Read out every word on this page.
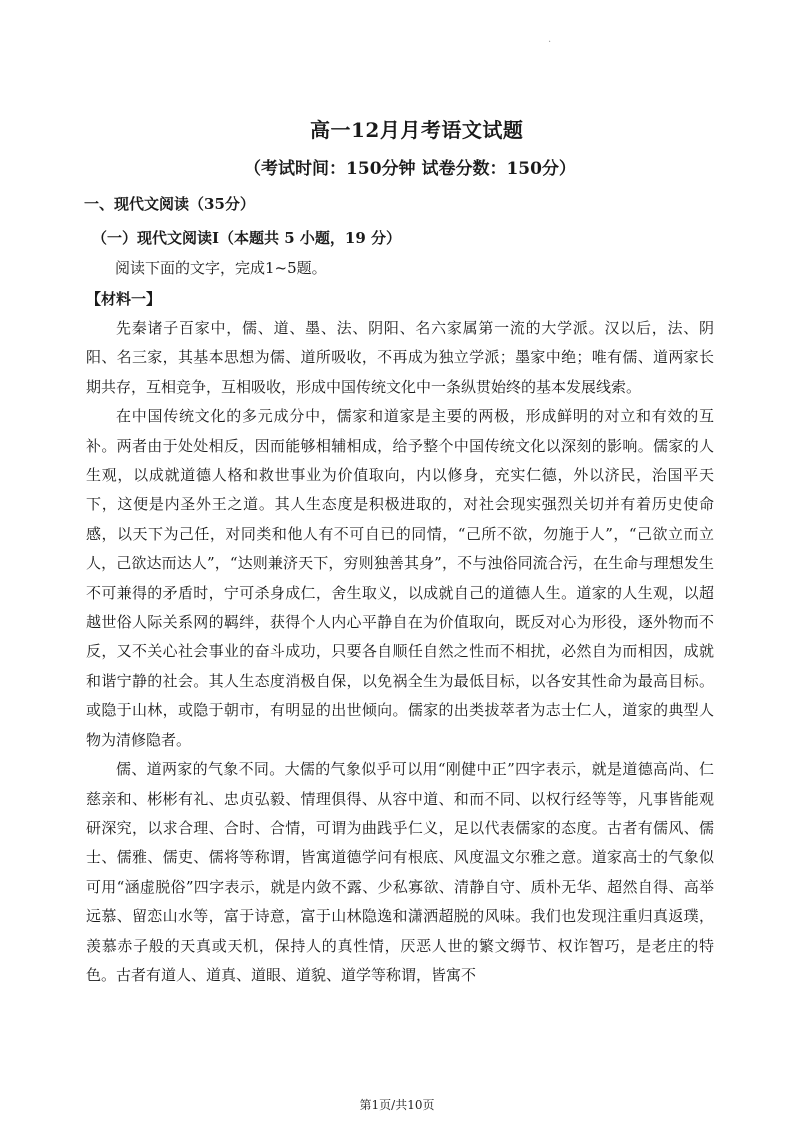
.
高一12月月考语文试题
（考试时间：150分钟 试卷分数：150分）
一、现代文阅读（35分）
（一）现代文阅读Ⅰ（本题共 5 小题，19 分）
阅读下面的文字，完成1~5题。
【材料一】

先秦诸子百家中，儒、道、墨、法、阴阳、名六家属第一流的大学派。汉以后，法、阴阳、名三家，其基本思想为儒、道所吸收，不再成为独立学派；墨家中绝；唯有儒、道两家长期共存，互相竞争，互相吸收，形成中国传统文化中一条纵贯始终的基本发展线索。

在中国传统文化的多元成分中，儒家和道家是主要的两极，形成鲜明的对立和有效的互补。两者由于处处相反，因而能够相辅相成，给予整个中国传统文化以深刻的影响。儒家的人生观，以成就道德人格和救世事业为价值取向，内以修身，充实仁德，外以济民，治国平天下，这便是内圣外王之道。其人生态度是积极进取的，对社会现实强烈关切并有着历史使命感，以天下为己任，对同类和他人有不可自已的同情，“己所不欲，勿施于人”，“己欲立而立人，己欲达而达人”，“达则兼济天下，穷则独善其身”，不与浊俗同流合污，在生命与理想发生不可兼得的矛盾时，宁可杀身成仁，舍生取义，以成就自己的道德人生。道家的人生观，以超越世俗人际关系网的羁绊，获得个人内心平静自在为价值取向，既反对心为形役，逐外物而不反，又不关心社会事业的奋斗成功，只要各自顺任自然之性而不相扰，必然自为而相因，成就和谐宁静的社会。其人生态度消极自保，以免祸全生为最低目标，以各安其性命为最高目标。或隐于山林，或隐于朝市，有明显的出世倾向。儒家的出类拔萃者为志士仁人，道家的典型人物为清修隐者。

儒、道两家的气象不同。大儒的气象似乎可以用“刚健中正”四字表示，就是道德高尚、仁慈亲和、彬彬有礼、忠贞弘毅、情理俱得、从容中道、和而不同、以权行经等等，凡事皆能观研深究，以求合理、合时、合情，可谓为曲践乎仁义，足以代表儒家的态度。古者有儒风、儒士、儒雅、儒吏、儒将等称谓，皆寓道德学问有根底、风度温文尔雅之意。道家高士的气象似可用“涵虚脱俗”四字表示，就是内敛不露、少私寡欲、清静自守、质朴无华、超然自得、高举远慕、留恋山水等，富于诗意，富于山林隐逸和潇洒超脱的风味。我们也发现注重归真返璞，羡慕赤子般的天真或天机，保持人的真性情，厌恶人世的繁文缛节、权诈智巧，是老庄的特色。古者有道人、道真、道眼、道貌、道学等称谓，皆寓不

第1页/共10页
